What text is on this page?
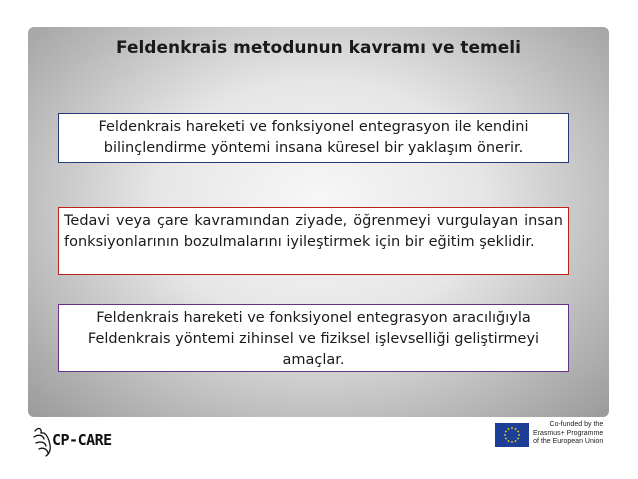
Feldenkrais metodunun kavramı ve temeli
Feldenkrais hareketi ve fonksiyonel entegrasyon ile kendini bilinçlendirme yöntemi insana küresel bir yaklaşım önerir.
Tedavi veya çare kavramından ziyade, öğrenmeyi vurgulayan insan fonksiyonlarının bozulmalarını iyileştirmek için bir eğitim şeklidir.
Feldenkrais hareketi ve fonksiyonel entegrasyon aracılığıyla Feldenkrais yöntemi zihinsel ve fiziksel işlevselliği geliştirmeyi amaçlar.
CP-CARE
Co-funded by the
Erasmus+ Programme
of the European Union
